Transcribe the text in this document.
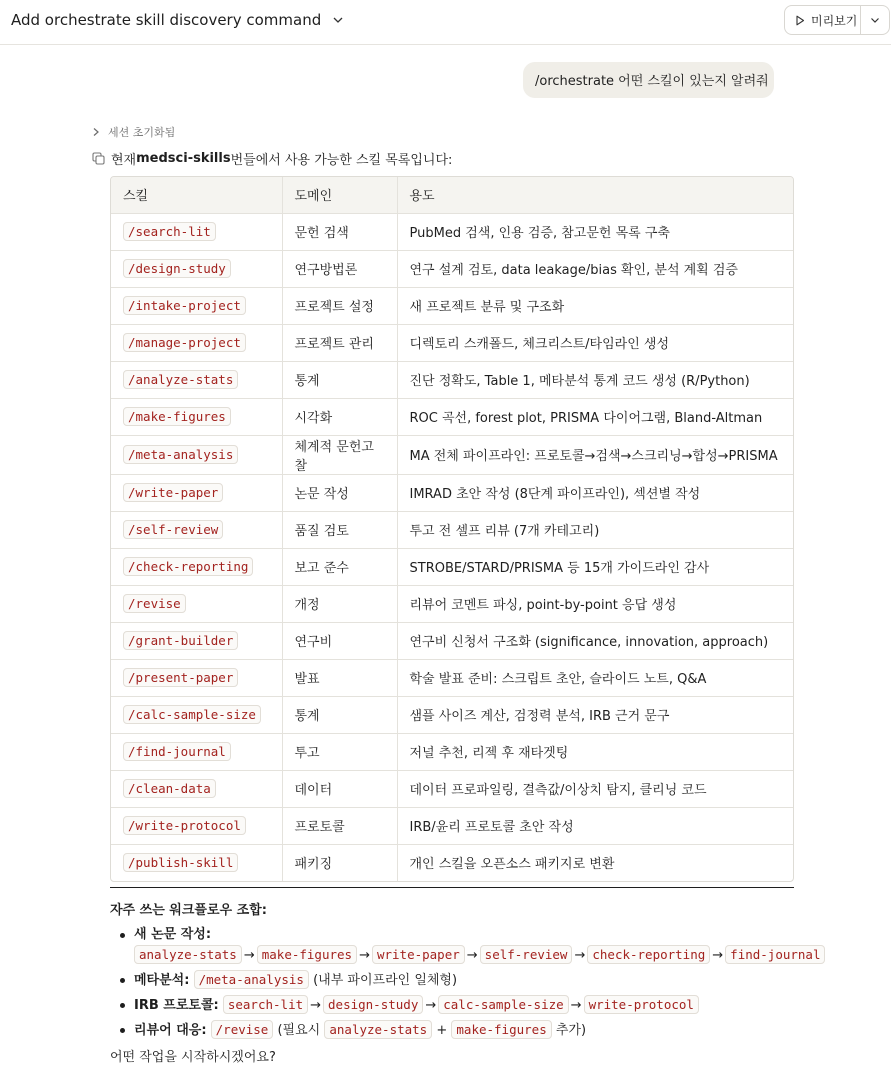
Add orchestrate skill discovery command	미리보기
/orchestrate 어떤 스킬이 있는지 알려줘
세션 초기화됨
현재 medsci-skills 번들에서 사용 가능한 스킬 목록입니다:
스킬	도메인	용도
/search-lit	문헌 검색	PubMed 검색, 인용 검증, 참고문헌 목록 구축
/design-study	연구방법론	연구 설계 검토, data leakage/bias 확인, 분석 계획 검증
/intake-project	프로젝트 설정	새 프로젝트 분류 및 구조화
/manage-project	프로젝트 관리	디렉토리 스캐폴드, 체크리스트/타임라인 생성
/analyze-stats	통계	진단 정확도, Table 1, 메타분석 통계 코드 생성 (R/Python)
/make-figures	시각화	ROC 곡선, forest plot, PRISMA 다이어그램, Bland-Altman
/meta-analysis	체계적 문헌고찰	MA 전체 파이프라인: 프로토콜→검색→스크리닝→합성→PRISMA
/write-paper	논문 작성	IMRAD 초안 작성 (8단계 파이프라인), 섹션별 작성
/self-review	품질 검토	투고 전 셀프 리뷰 (7개 카테고리)
/check-reporting	보고 준수	STROBE/STARD/PRISMA 등 15개 가이드라인 감사
/revise	개정	리뷰어 코멘트 파싱, point-by-point 응답 생성
/grant-builder	연구비	연구비 신청서 구조화 (significance, innovation, approach)
/present-paper	발표	학술 발표 준비: 스크립트 초안, 슬라이드 노트, Q&A
/calc-sample-size	통계	샘플 사이즈 계산, 검정력 분석, IRB 근거 문구
/find-journal	투고	저널 추천, 리젝 후 재타겟팅
/clean-data	데이터	데이터 프로파일링, 결측값/이상치 탐지, 클리닝 코드
/write-protocol	프로토콜	IRB/윤리 프로토콜 초안 작성
/publish-skill	패키징	개인 스킬을 오픈소스 패키지로 변환
자주 쓰는 워크플로우 조합:
새 논문 작성: analyze-stats → make-figures → write-paper → self-review → check-reporting → find-journal
메타분석: /meta-analysis (내부 파이프라인 일체형)
IRB 프로토콜: search-lit → design-study → calc-sample-size → write-protocol
리뷰어 대응: /revise (필요시 analyze-stats + make-figures 추가)
어떤 작업을 시작하시겠어요?
